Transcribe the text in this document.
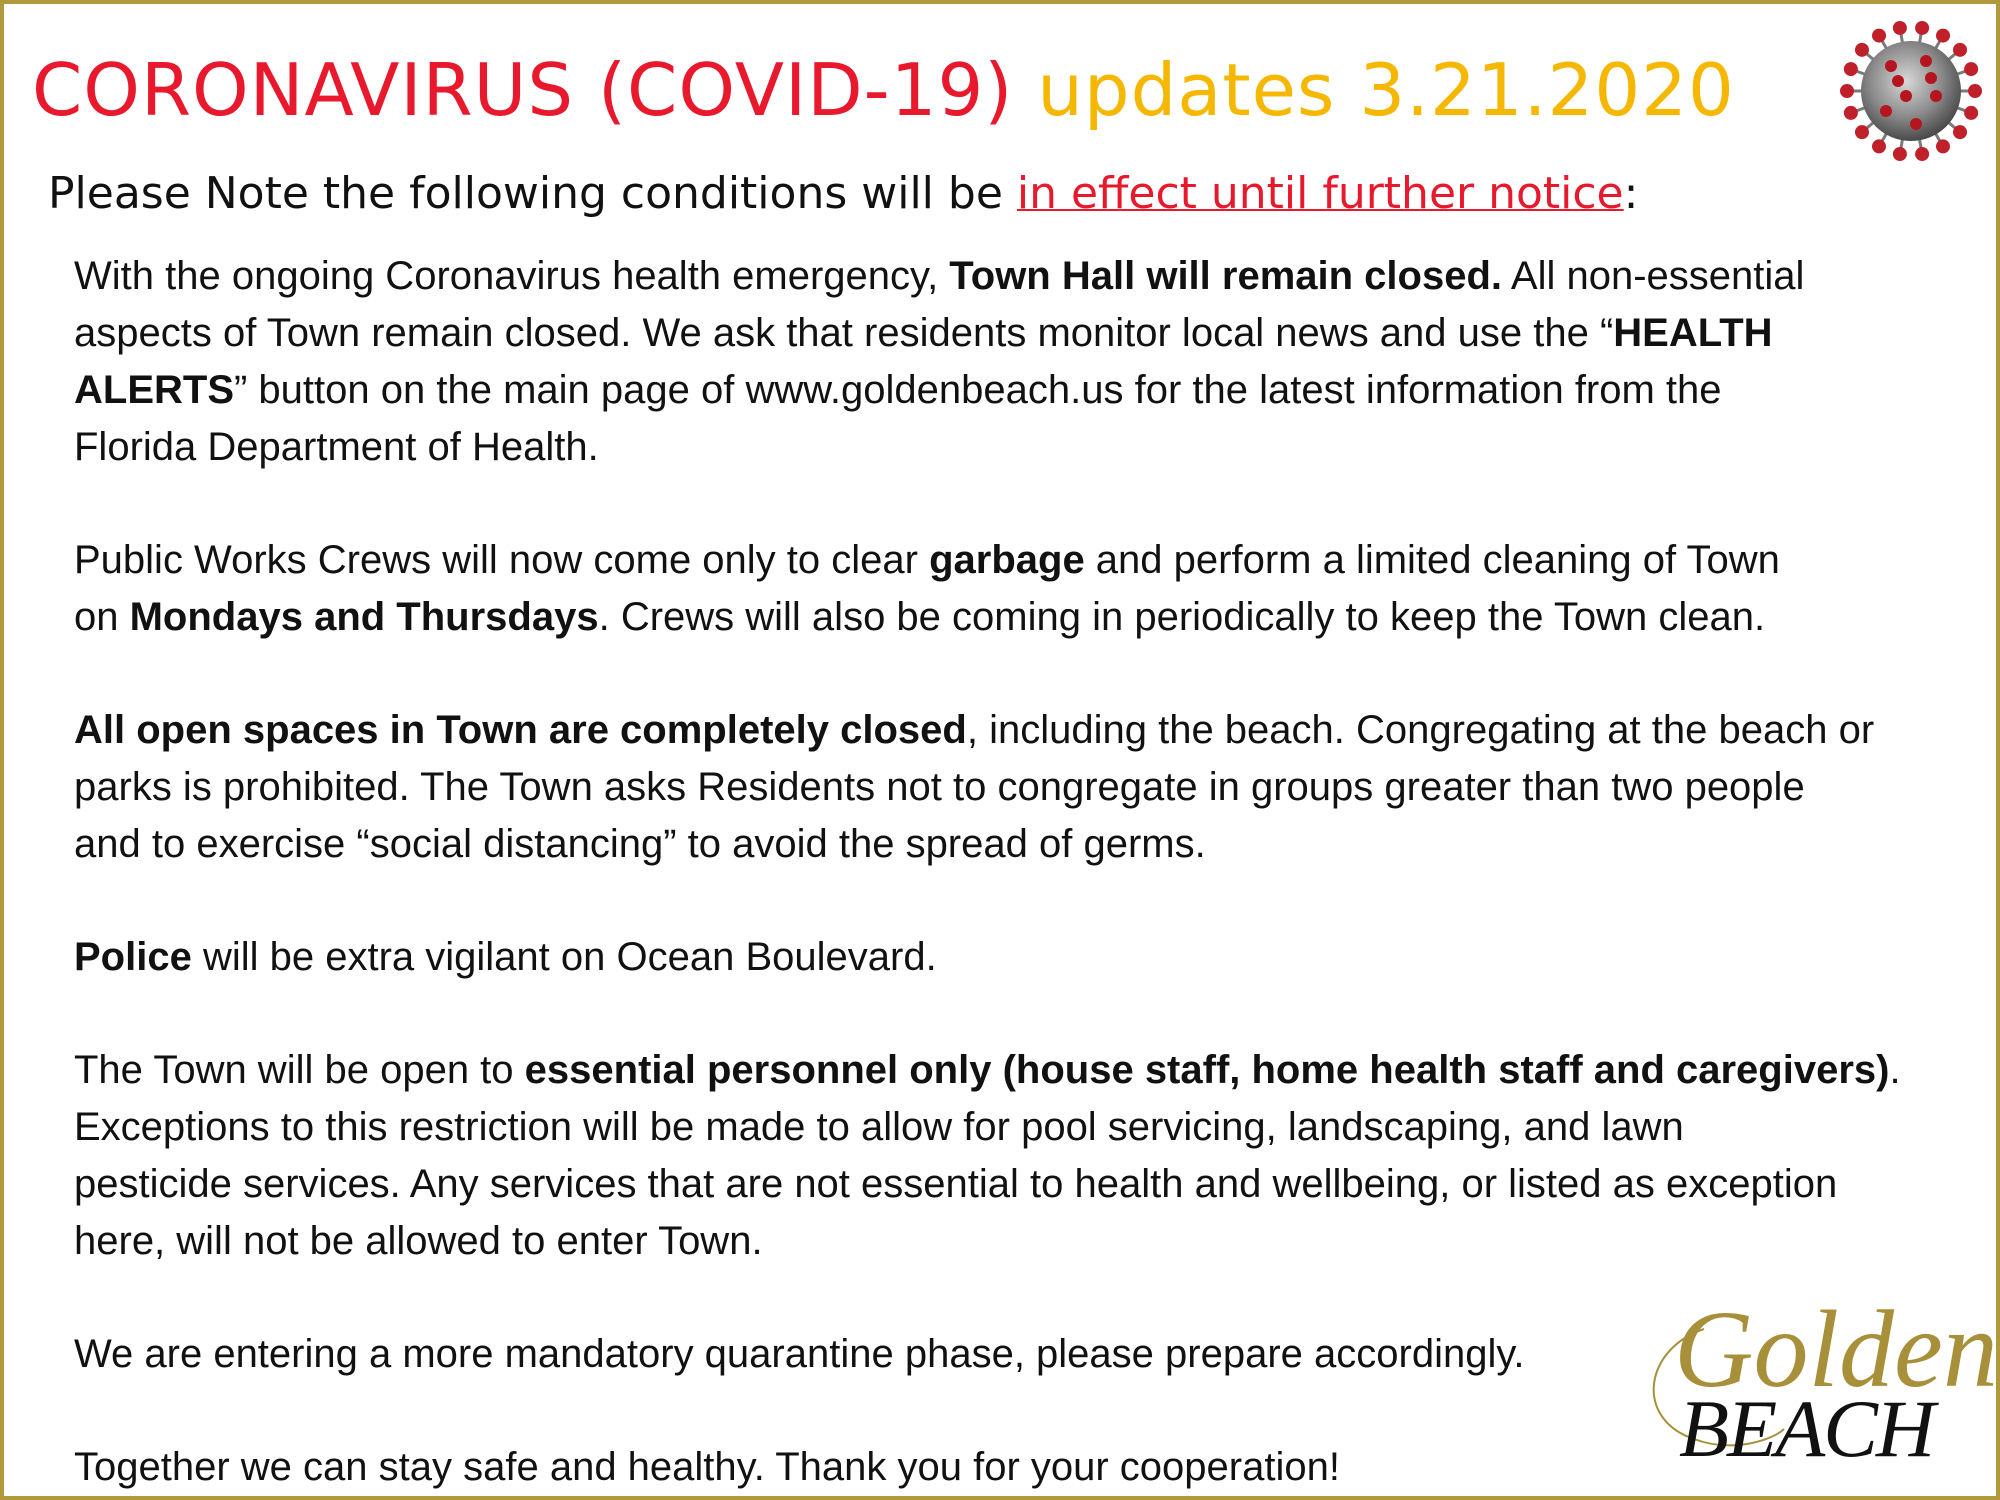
CORONAVIRUS (COVID-19) updates 3.21.2020
Please Note the following conditions will be in effect until further notice:

With the ongoing Coronavirus health emergency, Town Hall will remain closed. All non-essential
aspects of Town remain closed. We ask that residents monitor local news and use the “HEALTH
ALERTS” button on the main page of www.goldenbeach.us for the latest information from the
Florida Department of Health.

Public Works Crews will now come only to clear garbage and perform a limited cleaning of Town
on Mondays and Thursdays. Crews will also be coming in periodically to keep the Town clean.

All open spaces in Town are completely closed, including the beach. Congregating at the beach or
parks is prohibited. The Town asks Residents not to congregate in groups greater than two people
and to exercise “social distancing” to avoid the spread of germs.

Police will be extra vigilant on Ocean Boulevard.

The Town will be open to essential personnel only (house staff, home health staff and caregivers).
Exceptions to this restriction will be made to allow for pool servicing, landscaping, and lawn
pesticide services. Any services that are not essential to health and wellbeing, or listed as exception
here, will not be allowed to enter Town.

We are entering a more mandatory quarantine phase, please prepare accordingly.

Together we can stay safe and healthy. Thank you for your cooperation!

Golden
BEACH
